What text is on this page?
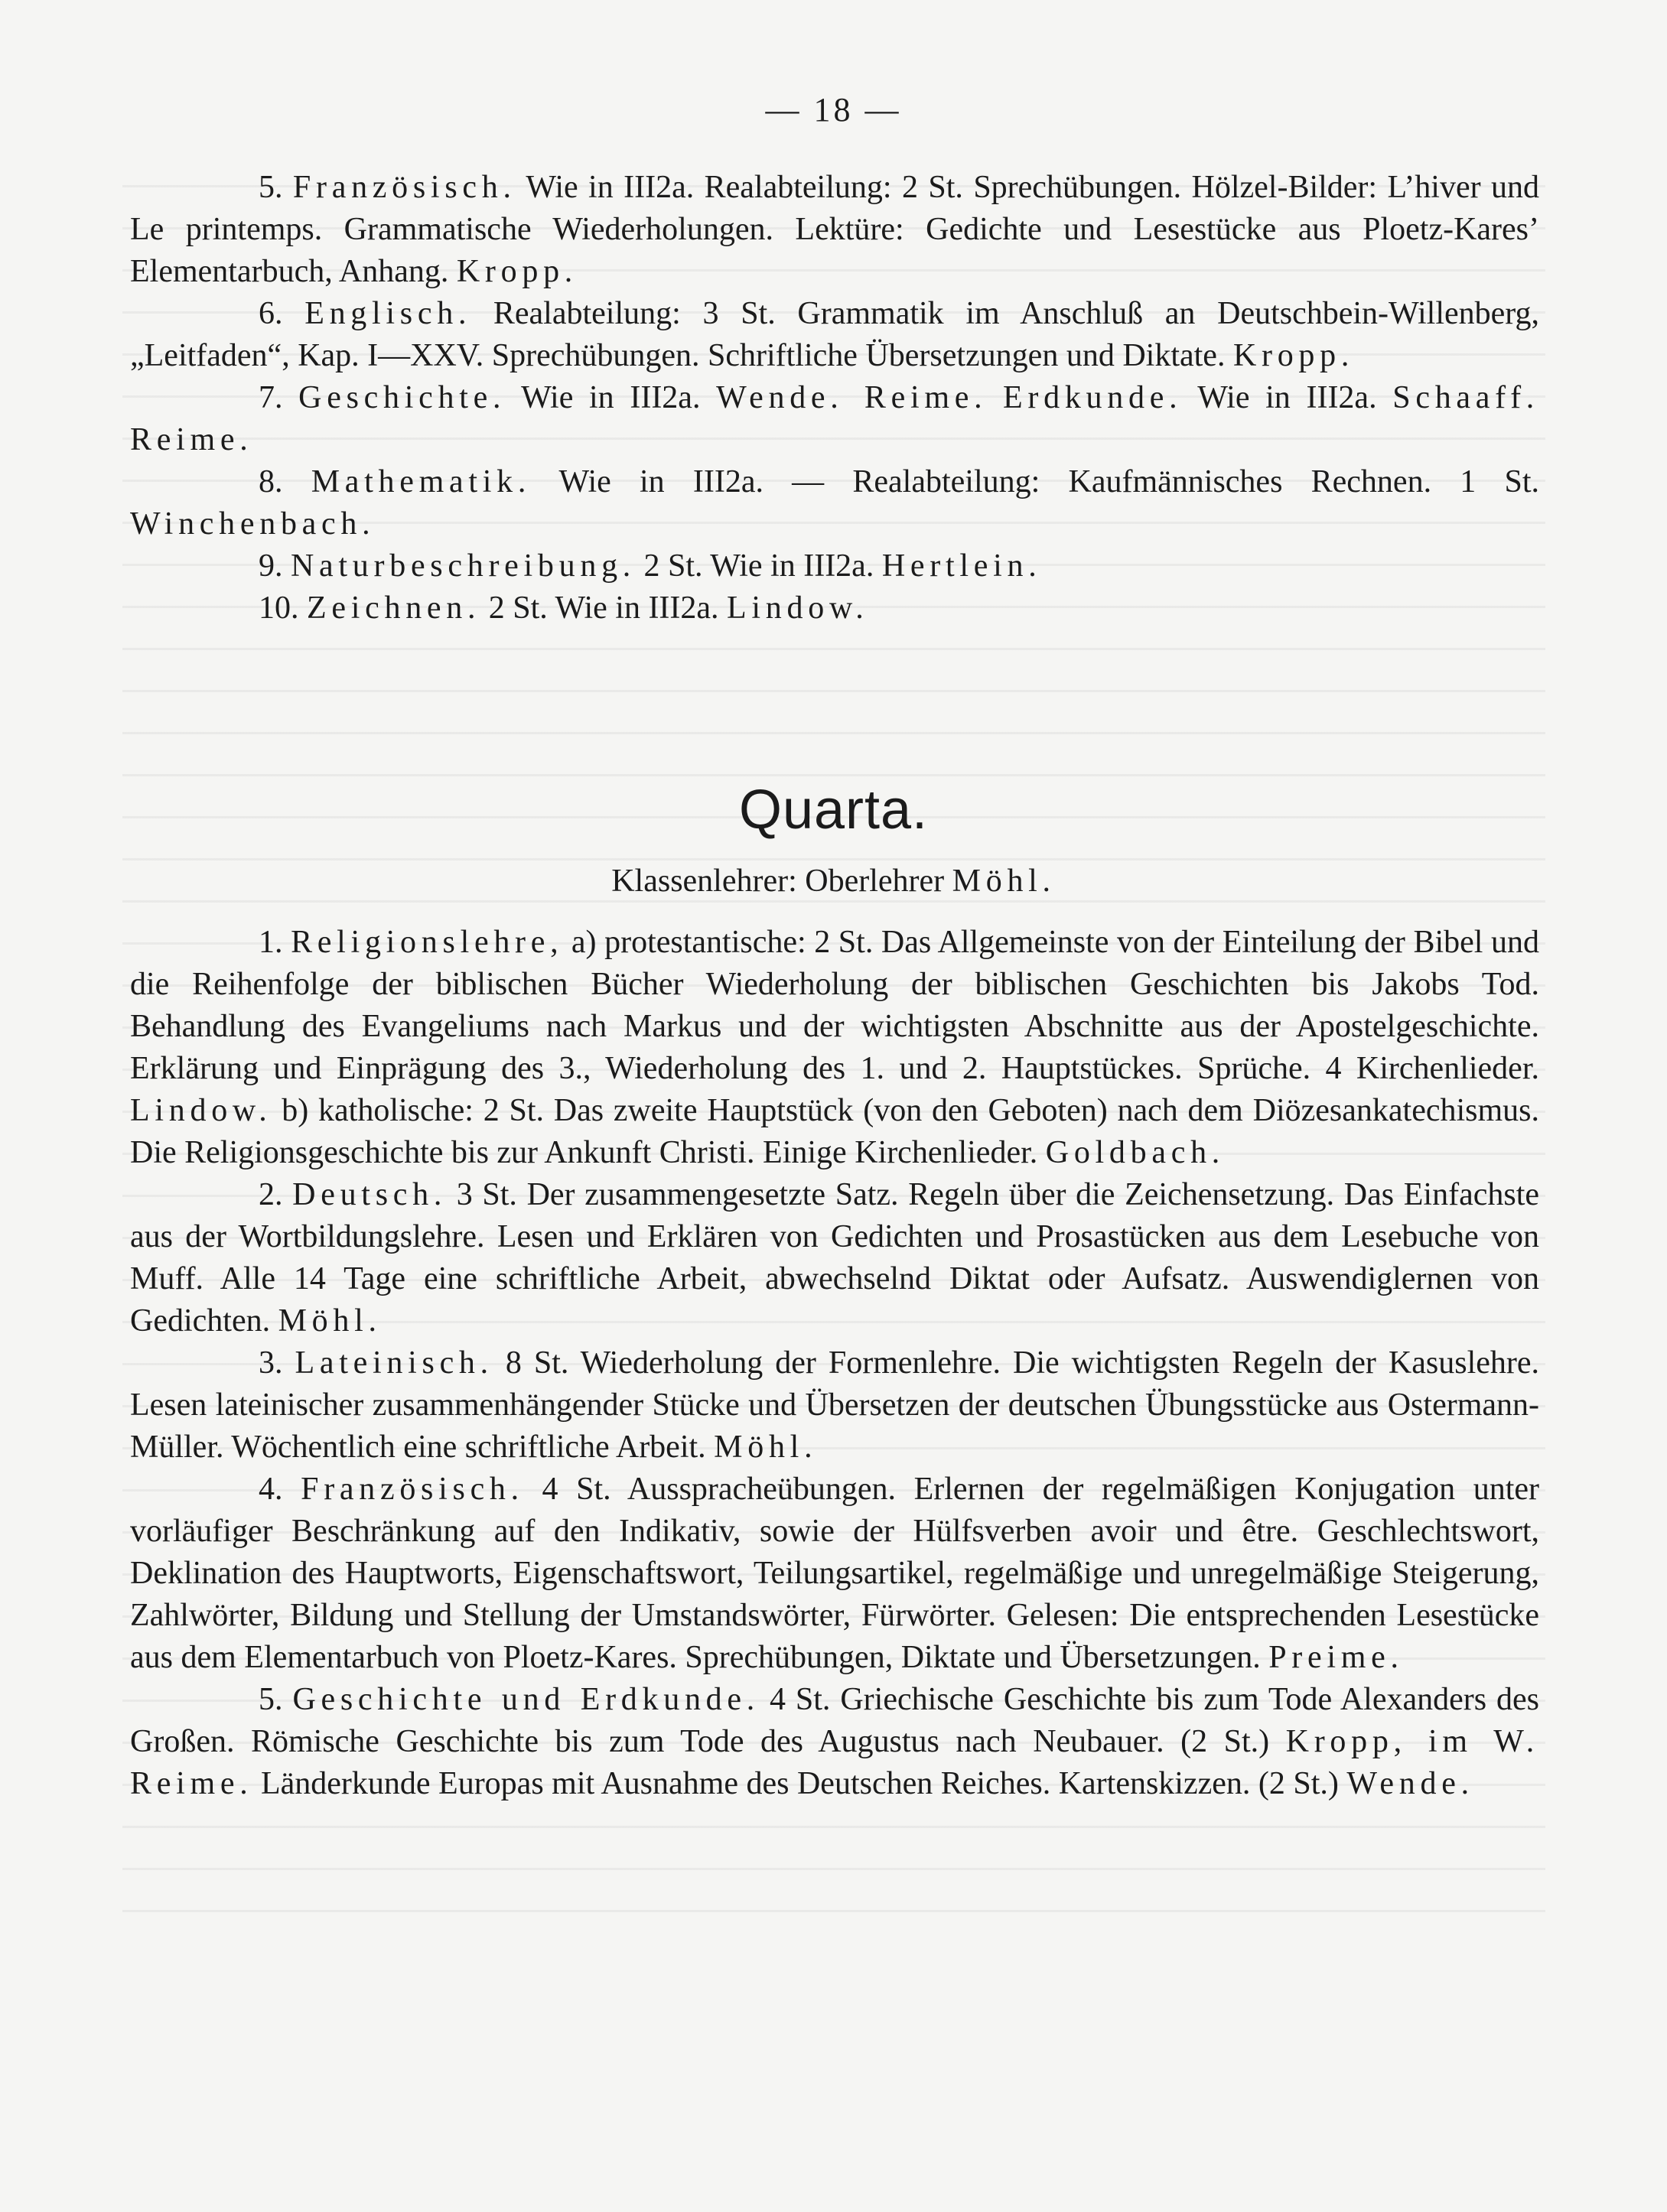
— 18 —

5. Französisch. Wie in III2a. Realabteilung: 2 St. Sprechübungen. Hölzel-Bilder: L’hiver und Le printemps. Grammatische Wiederholungen. Lektüre: Gedichte und Lesestücke aus Ploetz-Kares’ Elementarbuch, Anhang. Kropp.

6. Englisch. Realabteilung: 3 St. Grammatik im Anschluß an Deutschbein-Willenberg, „Leitfaden“, Kap. I—XXV. Sprechübungen. Schriftliche Übersetzungen und Diktate. Kropp.

7. Geschichte. Wie in III2a. Wende. Reime. Erdkunde. Wie in III2a. Schaaff. Reime.

8. Mathematik. Wie in III2a. — Realabteilung: Kaufmännisches Rechnen. 1 St. Winchenbach.

9. Naturbeschreibung. 2 St. Wie in III2a. Hertlein.

10. Zeichnen. 2 St. Wie in III2a. Lindow.

Quarta.
Klassenlehrer: Oberlehrer Möhl.

1. Religionslehre, a) protestantische: 2 St. Das Allgemeinste von der Einteilung der Bibel und die Reihenfolge der biblischen Bücher Wiederholung der biblischen Geschichten bis Jakobs Tod. Behandlung des Evangeliums nach Markus und der wichtigsten Abschnitte aus der Apostelgeschichte. Erklärung und Einprägung des 3., Wiederholung des 1. und 2. Hauptstückes. Sprüche. 4 Kirchenlieder. Lindow. b) katholische: 2 St. Das zweite Hauptstück (von den Geboten) nach dem Diözesankatechismus. Die Religionsgeschichte bis zur Ankunft Christi. Einige Kirchenlieder. Goldbach.

2. Deutsch. 3 St. Der zusammengesetzte Satz. Regeln über die Zeichensetzung. Das Einfachste aus der Wortbildungslehre. Lesen und Erklären von Gedichten und Prosastücken aus dem Lesebuche von Muff. Alle 14 Tage eine schriftliche Arbeit, abwechselnd Diktat oder Aufsatz. Auswendiglernen von Gedichten. Möhl.

3. Lateinisch. 8 St. Wiederholung der Formenlehre. Die wichtigsten Regeln der Kasuslehre. Lesen lateinischer zusammenhängender Stücke und Übersetzen der deutschen Übungsstücke aus Ostermann-Müller. Wöchentlich eine schriftliche Arbeit. Möhl.

4. Französisch. 4 St. Ausspracheübungen. Erlernen der regelmäßigen Konjugation unter vorläufiger Beschränkung auf den Indikativ, sowie der Hülfsverben avoir und être. Geschlechtswort, Deklination des Hauptworts, Eigenschaftswort, Teilungsartikel, regelmäßige und unregelmäßige Steigerung, Zahlwörter, Bildung und Stellung der Umstandswörter, Fürwörter. Gelesen: Die entsprechenden Lesestücke aus dem Elementarbuch von Ploetz-Kares. Sprechübungen, Diktate und Übersetzungen. Preime.

5. Geschichte und Erdkunde. 4 St. Griechische Geschichte bis zum Tode Alexanders des Großen. Römische Geschichte bis zum Tode des Augustus nach Neubauer. (2 St.) Kropp, im W. Reime. Länderkunde Europas mit Ausnahme des Deutschen Reiches. Kartenskizzen. (2 St.) Wende.
